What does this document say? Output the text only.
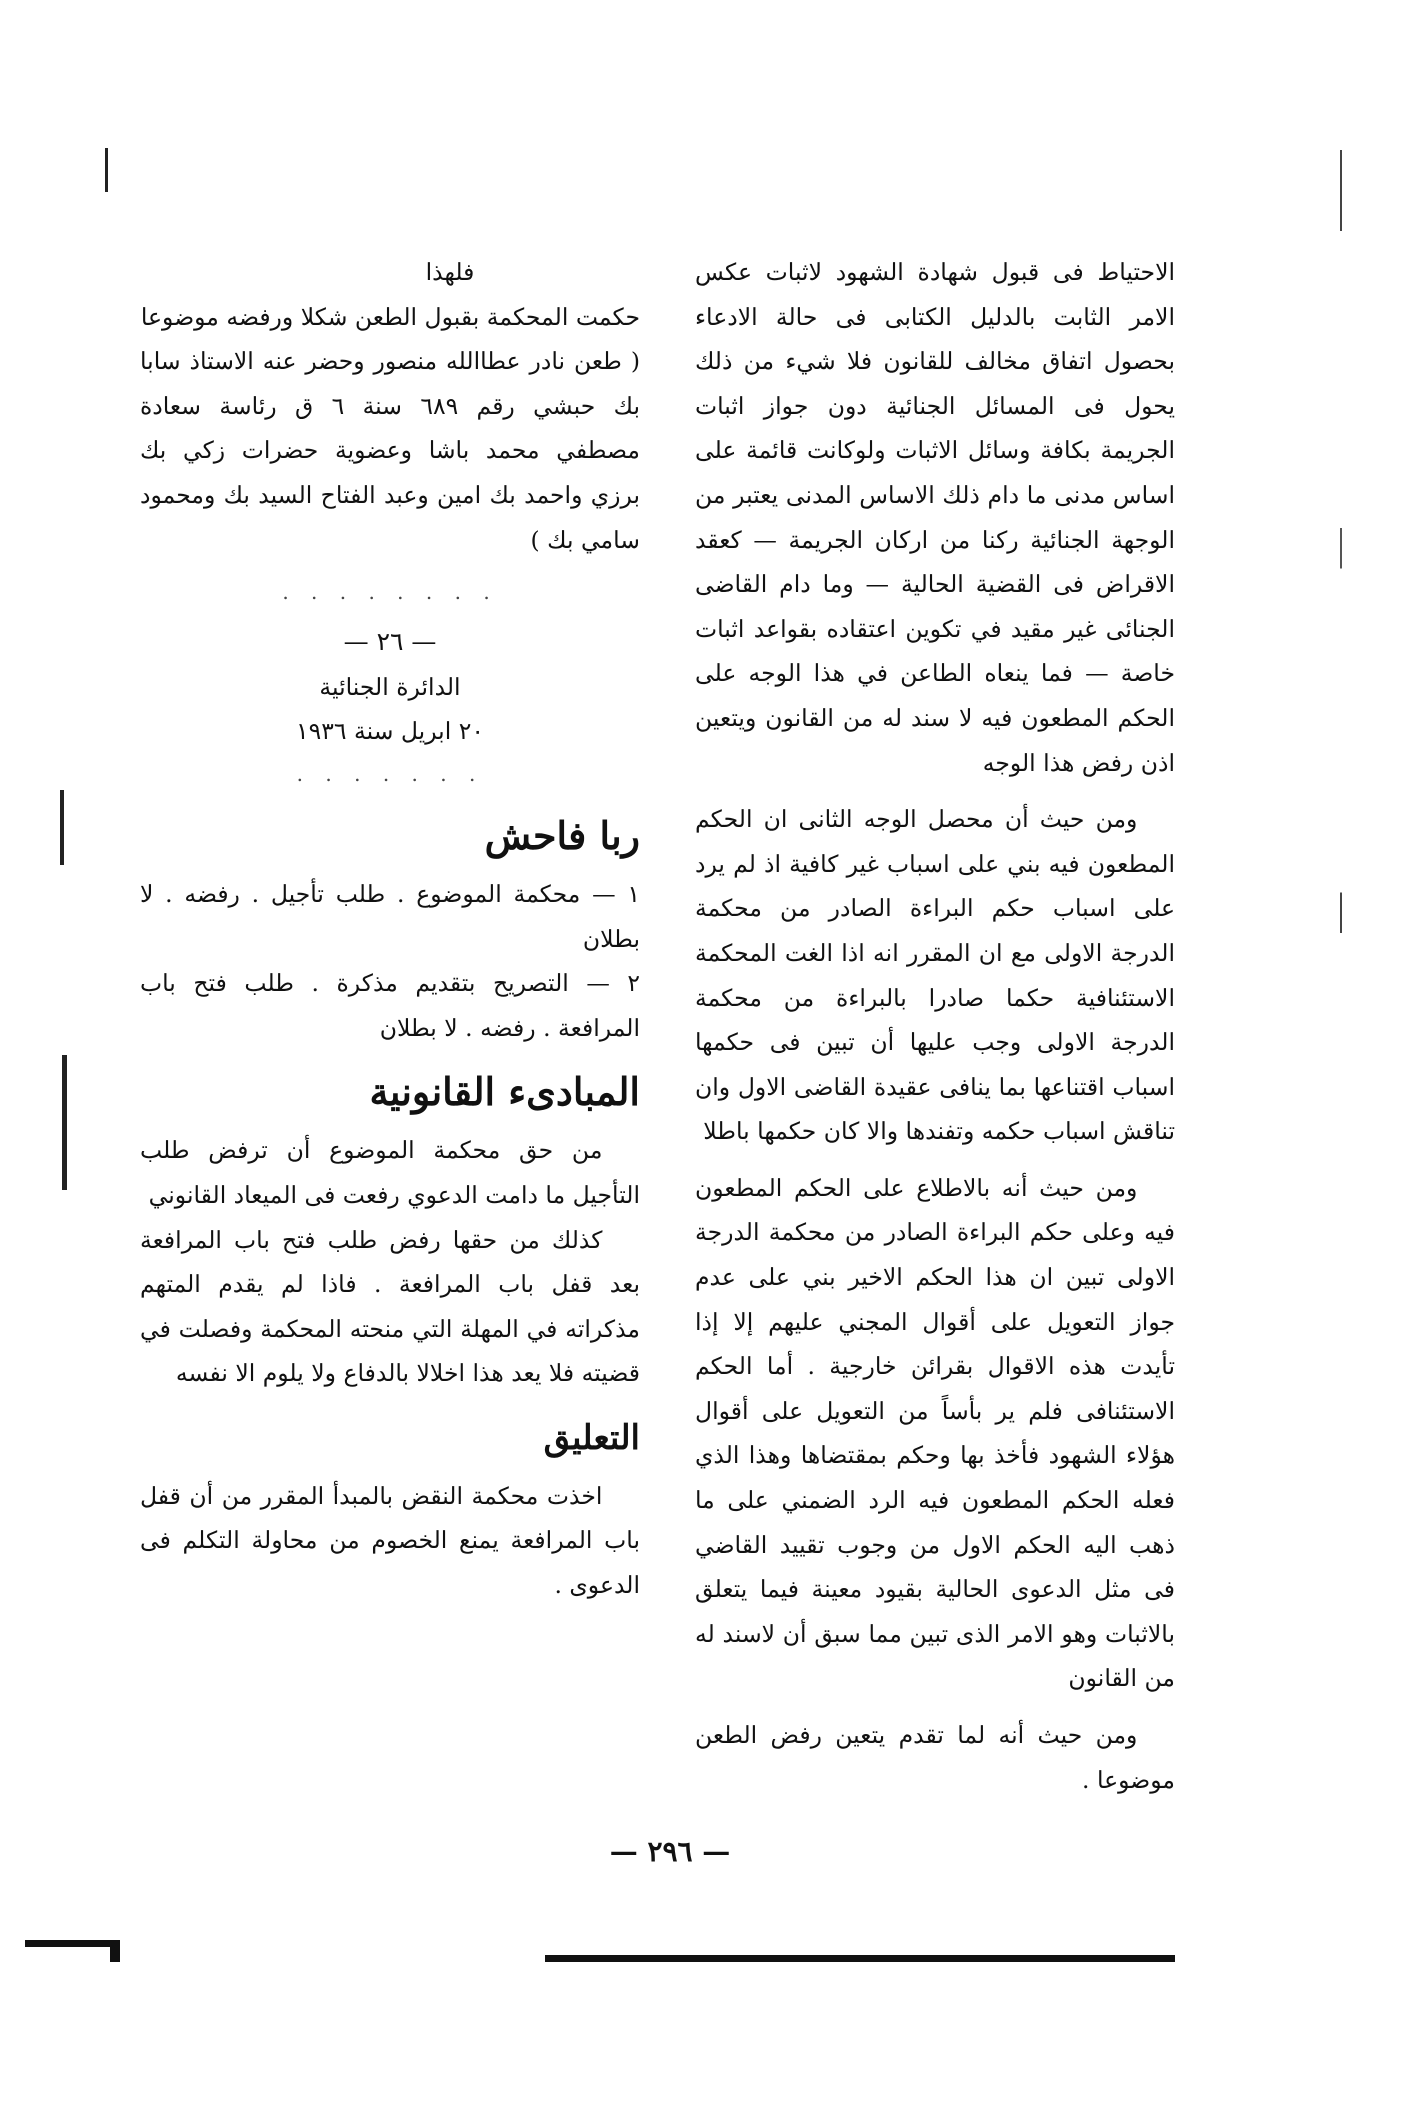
الاحتياط فى قبول شهادة الشهود لاثبات عكس الامر الثابت بالدليل الكتابى فى حالة الادعاء بحصول اتفاق مخالف للقانون فلا شيء من ذلك يحول فى المسائل الجنائية دون جواز اثبات الجريمة بكافة وسائل الاثبات ولوكانت قائمة على اساس مدنى ما دام ذلك الاساس المدنى يعتبر من الوجهة الجنائية ركنا من اركان الجريمة — كعقد الاقراض فى القضية الحالية — وما دام القاضى الجنائى غير مقيد في تكوين اعتقاده بقواعد اثبات خاصة — فما ينعاه الطاعن في هذا الوجه على الحكم المطعون فيه لا سند له من القانون ويتعين اذن رفض هذا الوجه

ومن حيث أن محصل الوجه الثانى ان الحكم المطعون فيه بني على اسباب غير كافية اذ لم يرد على اسباب حكم البراءة الصادر من محكمة الدرجة الاولى مع ان المقرر انه اذا الغت المحكمة الاستئنافية حكما صادرا بالبراءة من محكمة الدرجة الاولى وجب عليها أن تبين فى حكمها اسباب اقتناعها بما ينافى عقيدة القاضى الاول وان تناقش اسباب حكمه وتفندها والا كان حكمها باطلا

ومن حيث أنه بالاطلاع على الحكم المطعون فيه وعلى حكم البراءة الصادر من محكمة الدرجة الاولى تبين ان هذا الحكم الاخير بني على عدم جواز التعويل على أقوال المجني عليهم إلا إذا تأيدت هذه الاقوال بقرائن خارجية . أما الحكم الاستئنافى فلم ير بأساً من التعويل على أقوال هؤلاء الشهود فأخذ بها وحكم بمقتضاها وهذا الذي فعله الحكم المطعون فيه الرد الضمني على ما ذهب اليه الحكم الاول من وجوب تقييد القاضي فى مثل الدعوى الحالية بقيود معينة فيما يتعلق بالاثبات وهو الامر الذى تبين مما سبق أن لاسند له من القانون

ومن حيث أنه لما تقدم يتعين رفض الطعن موضوعا .

فلهذا

حكمت المحكمة بقبول الطعن شكلا ورفضه موضوعا

( طعن نادر عطاالله منصور وحضر عنه الاستاذ سابا بك حبشي رقم ٦٨٩ سنة ٦ ق رئاسة سعادة مصطفي محمد باشا وعضوية حضرات زكي بك برزي واحمد بك امين وعبد الفتاح السيد بك ومحمود سامي بك )

. . . . . . . .

— ٢٦ —

الدائرة الجنائية

٢٠ ابريل سنة ١٩٣٦

. . . . . . .

ربا فاحش

١ — محكمة الموضوع . طلب تأجيل . رفضه . لا بطلان

٢ — التصريح بتقديم مذكرة . طلب فتح باب المرافعة . رفضه . لا بطلان

المبادىء القانونية

من حق محكمة الموضوع أن ترفض طلب التأجيل ما دامت الدعوي رفعت فى الميعاد القانوني

كذلك من حقها رفض طلب فتح باب المرافعة بعد قفل باب المرافعة . فاذا لم يقدم المتهم مذكراته في المهلة التي منحته المحكمة وفصلت في قضيته فلا يعد هذا اخلالا بالدفاع ولا يلوم الا نفسه

التعليق

اخذت محكمة النقض بالمبدأ المقرر من أن قفل باب المرافعة يمنع الخصوم من محاولة التكلم فى الدعوى .

— ٢٩٦ —
